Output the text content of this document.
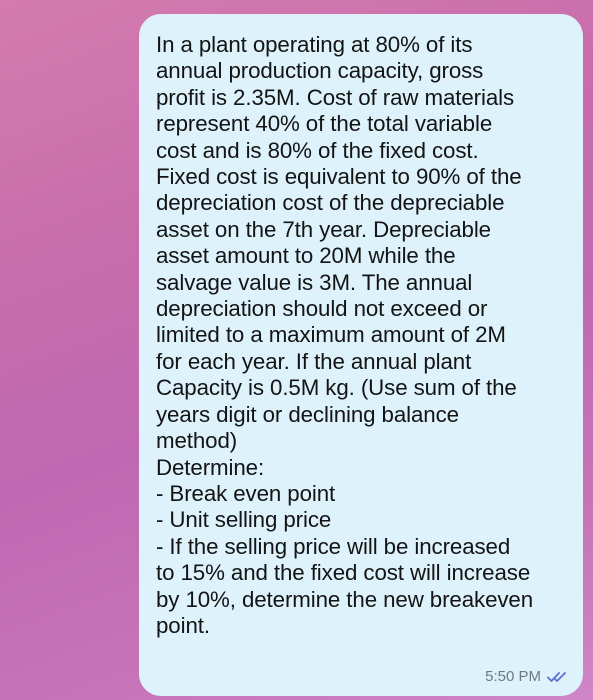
In a plant operating at 80% of its
annual production capacity, gross
profit is 2.35M. Cost of raw materials
represent 40% of the total variable
cost and is 80% of the fixed cost.
Fixed cost is equivalent to 90% of the
depreciation cost of the depreciable
asset on the 7th year. Depreciable
asset amount to 20M while the
salvage value is 3M. The annual
depreciation should not exceed or
limited to a maximum amount of 2M
for each year. If the annual plant
Capacity is 0.5M kg. (Use sum of the
years digit or declining balance
method)
Determine:
- Break even point
- Unit selling price
- If the selling price will be increased
to 15% and the fixed cost will increase
by 10%, determine the new breakeven
point.

5:50 PM
